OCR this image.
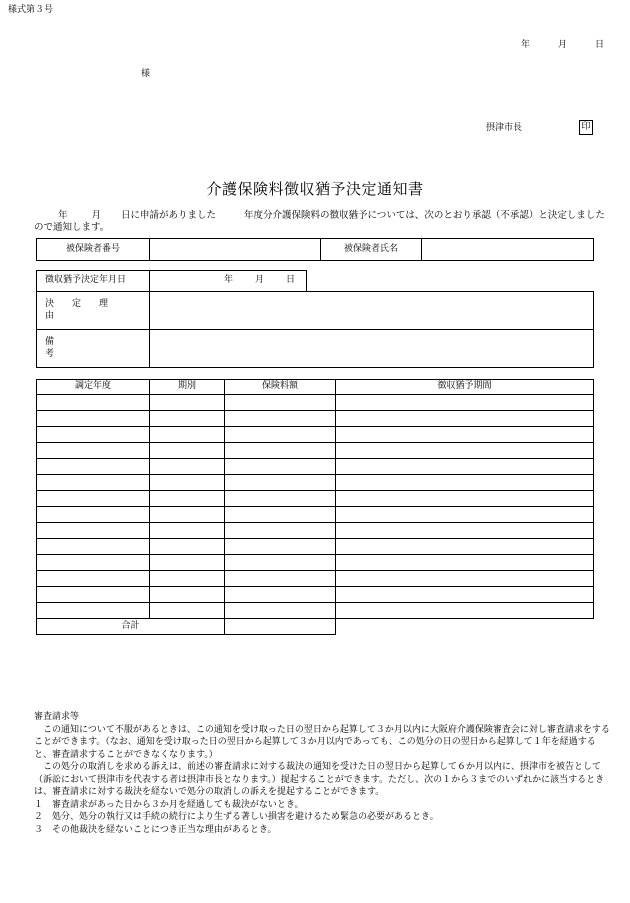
様式第３号
年	月	日
様
摂津市長	印
介護保険料徴収猶予決定通知書
年	月 日に申請がありました	年度分介護保険料の徴収猶予については、次のとおり承認（不承認）と決定しましたので通知します。
被保険者番号		被保険者氏名	
徴収猶予決定年月日	年 月 日	
決定理由		
備考		
調定年度	期別	保険料額	徴収猶予期間

合計			

審査請求等

この通知について不服があるときは、この通知を受け取った日の翌日から起算して３か月以内に大阪府介護保険審査会に対し審査請求をすることができます。（なお、通知を受け取った日の翌日から起算して３か月以内であっても、この処分の日の翌日から起算して１年を経過すると、審査請求することができなくなります。）

この処分の取消しを求める訴えは、前述の審査請求に対する裁決の通知を受けた日の翌日から起算して６か月以内に、摂津市を被告として（訴訟において摂津市を代表する者は摂津市長となります。）提起することができます。ただし、次の１から３までのいずれかに該当するときは、審査請求に対する裁決を経ないで処分の取消しの訴えを提起することができます。

１　審査請求があった日から３か月を経過しても裁決がないとき。

２　処分、処分の執行又は手続の続行により生ずる著しい損害を避けるため緊急の必要があるとき。

３　その他裁決を経ないことにつき正当な理由があるとき。
